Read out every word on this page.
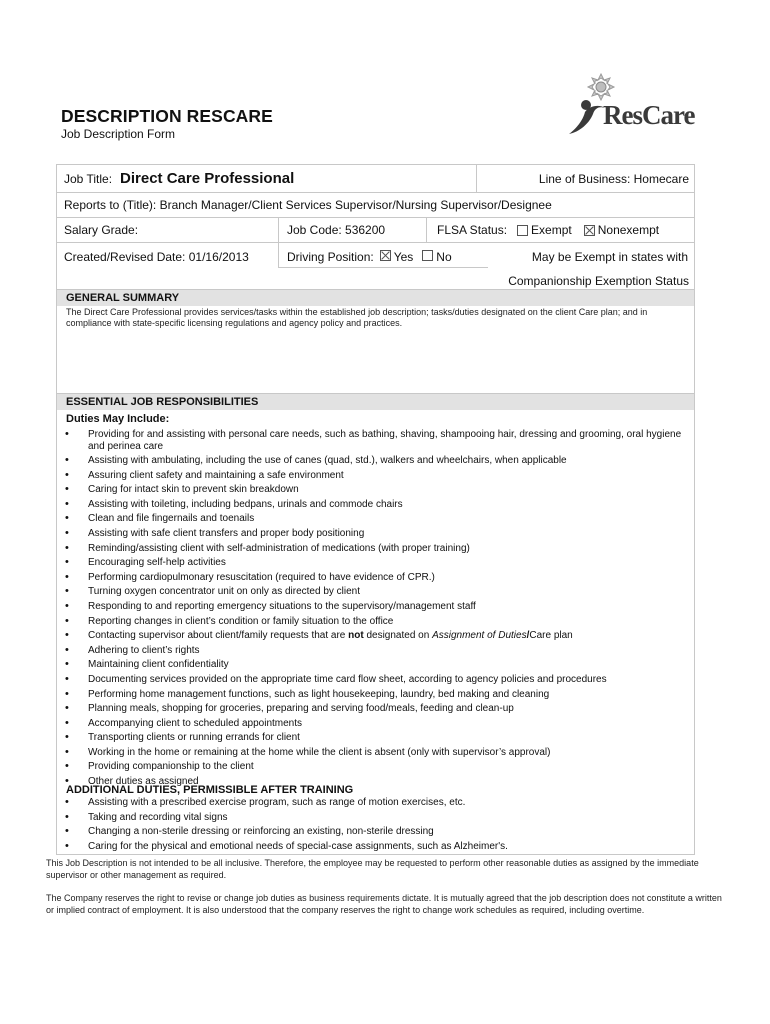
DESCRIPTION RESCARE
Job Description Form
ResCare
Job Title: Direct Care Professional	Line of Business: Homecare
Reports to (Title): Branch Manager/Client Services Supervisor/Nursing Supervisor/Designee
Salary Grade:	Job Code: 536200	FLSA Status: Exempt Nonexempt
Created/Revised Date: 01/16/2013	Driving Position: Yes No	May be Exempt in states with
Companionship Exemption Status
GENERAL SUMMARY
The Direct Care Professional provides services/tasks within the established job description; tasks/duties designated on the client Care plan; and in compliance with state-specific licensing regulations and agency policy and practices.
ESSENTIAL JOB RESPONSIBILITIES
Duties May Include:
• Providing for and assisting with personal care needs, such as bathing, shaving, shampooing hair, dressing and grooming, oral hygiene and perinea care
• Assisting with ambulating, including the use of canes (quad, std.), walkers and wheelchairs, when applicable
• Assuring client safety and maintaining a safe environment
• Caring for intact skin to prevent skin breakdown
• Assisting with toileting, including bedpans, urinals and commode chairs
• Clean and file fingernails and toenails
• Assisting with safe client transfers and proper body positioning
• Reminding/assisting client with self-administration of medications (with proper training)
• Encouraging self-help activities
• Performing cardiopulmonary resuscitation (required to have evidence of CPR.)
• Turning oxygen concentrator unit on only as directed by client
• Responding to and reporting emergency situations to the supervisory/management staff
• Reporting changes in client’s condition or family situation to the office
• Contacting supervisor about client/family requests that are not designated on Assignment of Duties/Care plan
• Adhering to client’s rights
• Maintaining client confidentiality
• Documenting services provided on the appropriate time card flow sheet, according to agency policies and procedures
• Performing home management functions, such as light housekeeping, laundry, bed making and cleaning
• Planning meals, shopping for groceries, preparing and serving food/meals, feeding and clean-up
• Accompanying client to scheduled appointments
• Transporting clients or running errands for client
• Working in the home or remaining at the home while the client is absent (only with supervisor’s approval)
• Providing companionship to the client
• Other duties as assigned
ADDITIONAL DUTIES, PERMISSIBLE AFTER TRAINING
• Assisting with a prescribed exercise program, such as range of motion exercises, etc.
• Taking and recording vital signs
• Changing a non-sterile dressing or reinforcing an existing, non-sterile dressing
• Caring for the physical and emotional needs of special-case assignments, such as Alzheimer's.
This Job Description is not intended to be all inclusive. Therefore, the employee may be requested to perform other reasonable duties as assigned by the immediate supervisor or other management as required.
The Company reserves the right to revise or change job duties as business requirements dictate. It is mutually agreed that the job description does not constitute a written or implied contract of employment. It is also understood that the company reserves the right to change work schedules as required, including overtime.
